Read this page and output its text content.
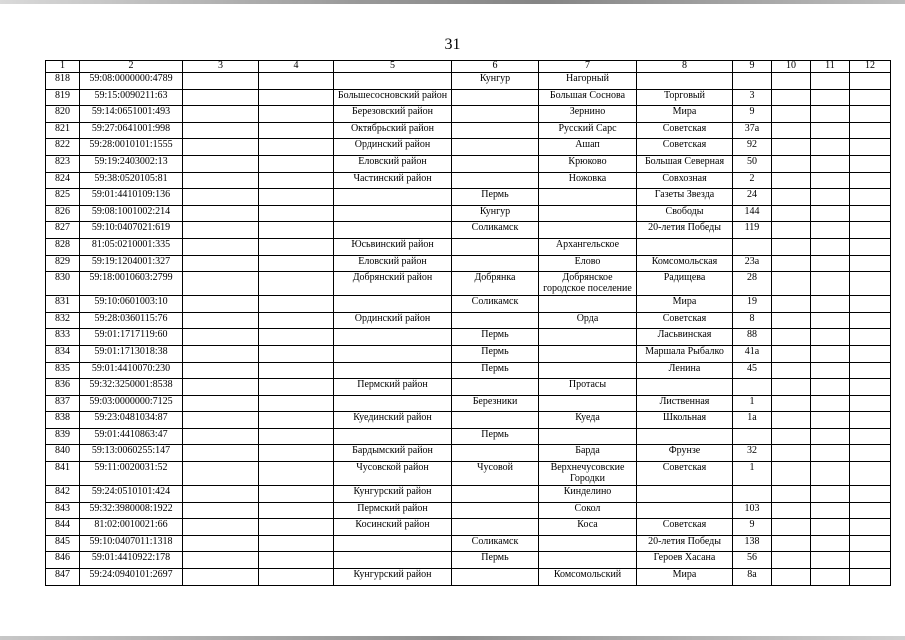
31
1	2	3	4	5	6	7	8	9	10	11	12
818	59:08:0000000:4789				Кунгур	Нагорный					
819	59:15:0090211:63			Большесосновский район		Большая Соснова	Торговый	3			
820	59:14:0651001:493			Березовский район		Зернино	Мира	9			
821	59:27:0641001:998			Октябрьский район		Русский Сарс	Советская	37а			
822	59:28:0010101:1555			Ординский район		Ашап	Советская	92			
823	59:19:2403002:13			Еловский район		Крюково	Большая Северная	50			
824	59:38:0520105:81			Частинский район		Ножовка	Совхозная	2			
825	59:01:4410109:136				Пермь		Газеты Звезда	24			
826	59:08:1001002:214				Кунгур		Свободы	144			
827	59:10:0407021:619				Соликамск		20-летия Победы	119			
828	81:05:0210001:335			Юсьвинский район		Архангельское					
829	59:19:1204001:327			Еловский район		Елово	Комсомольская	23а			
830	59:18:0010603:2799			Добрянский район	Добрянка	Добрянское городское поселение	Радищева	28			
831	59:10:0601003:10				Соликамск		Мира	19			
832	59:28:0360115:76			Ординский район		Орда	Советская	8			
833	59:01:1717119:60				Пермь		Ласьвинская	88			
834	59:01:1713018:38				Пермь		Маршала Рыбалко	41а			
835	59:01:4410070:230				Пермь		Ленина	45			
836	59:32:3250001:8538			Пермский район		Протасы					
837	59:03:0000000:7125				Березники		Лиственная	1			
838	59:23:0481034:87			Куединский район		Куеда	Школьная	1а			
839	59:01:4410863:47				Пермь						
840	59:13:0060255:147			Бардымский район		Барда	Фрунзе	32			
841	59:11:0020031:52			Чусовской район	Чусовой	Верхнечусовские Городки	Советская	1			
842	59:24:0510101:424			Кунгурский район		Кинделино					
843	59:32:3980008:1922			Пермский район		Сокол		103			
844	81:02:0010021:66			Косинский район		Коса	Советская	9			
845	59:10:0407011:1318				Соликамск		20-летия Победы	138			
846	59:01:4410922:178				Пермь		Героев Хасана	56			
847	59:24:0940101:2697			Кунгурский район		Комсомольский	Мира	8а			
